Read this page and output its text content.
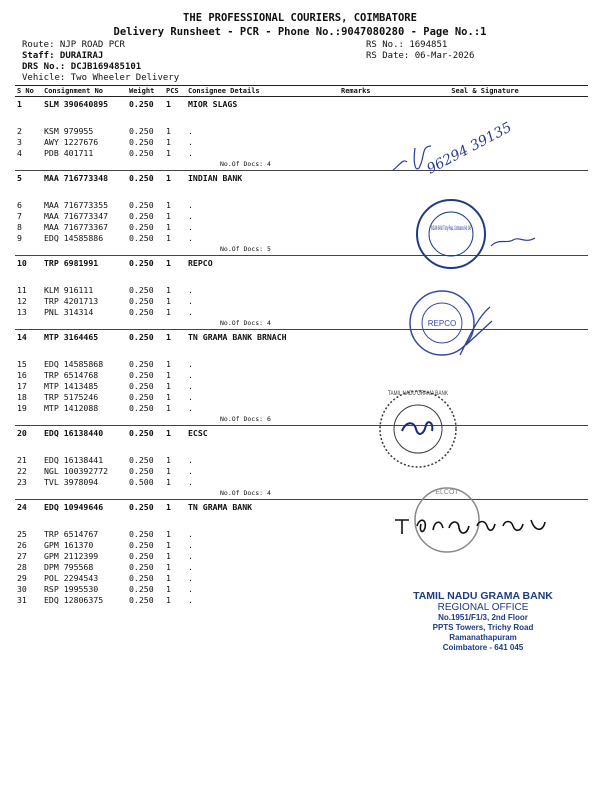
THE PROFESSIONAL COURIERS, COIMBATORE
Delivery Runsheet - PCR - Phone No.:9047080280 - Page No.:1
Route: NJP ROAD PCR
Staff: DURAIRAJ
DRS No.: DCJB169485101
Vehicle: Two Wheeler Delivery
RS No.: 1694851
RS Date: 06-Mar-2026
S No	Consignment No	Weight	PCS	Consignee Details	Remarks	Seal & Signature
1	SLM 390640895	0.250	1	MIOR SLAGS		

2	KSM 979955	0.250	1	.		
3	AWY 1227676	0.250	1	.		
4	PDB 401711	0.250	1	.		
				No.Of Docs: 4		
5	MAA 716773348	0.250	1	INDIAN BANK		

6	MAA 716773355	0.250	1	.		
7	MAA 716773347	0.250	1	.		
8	MAA 716773367	0.250	1	.		
9	EDQ 14585886	0.250	1	.		
				No.Of Docs: 5		
10	TRP 6981991	0.250	1	REPCO		

11	KLM 916111	0.250	1	.		
12	TRP 4201713	0.250	1	.		
13	PNL 314314	0.250	1	.		
				No.Of Docs: 4		
14	MTP 3164465	0.250	1	TN GRAMA BANK BRNACH		

15	EDQ 14585868	0.250	1	.		
16	TRP 6514768	0.250	1	.		
17	MTP 1413485	0.250	1	.		
18	TRP 5175246	0.250	1	.		
19	MTP 1412088	0.250	1	.		
				No.Of Docs: 6		
20	EDQ 16138440	0.250	1	ECSC		

21	EDQ 16138441	0.250	1	.		
22	NGL 100392772	0.250	1	.		
23	TVL 3978094	0.500	1	.		
				No.Of Docs: 4		
24	EDQ 10949646	0.250	1	TN GRAMA BANK		

25	TRP 6514767	0.250	1	.		
26	GPM 161370	0.250	1	.		
27	GPM 2112399	0.250	1	.		
28	DPM 795568	0.250	1	.		
29	POL 2294543	0.250	1	.		
30	RSP 1995530	0.250	1	.		
31	EDQ 12806375	0.250	1	.		
96294 39135
INDIAN BANK Trichy Road, Coimbatore 641 045
REPCO
TAMIL NADU GRAMA BANK
ELCOT
TAMIL NADU GRAMA BANK
REGIONAL OFFICE
No.1951/F1/3, 2nd Floor
PPTS Towers, Trichy Road
Ramanathapuram
Coimbatore - 641 045
